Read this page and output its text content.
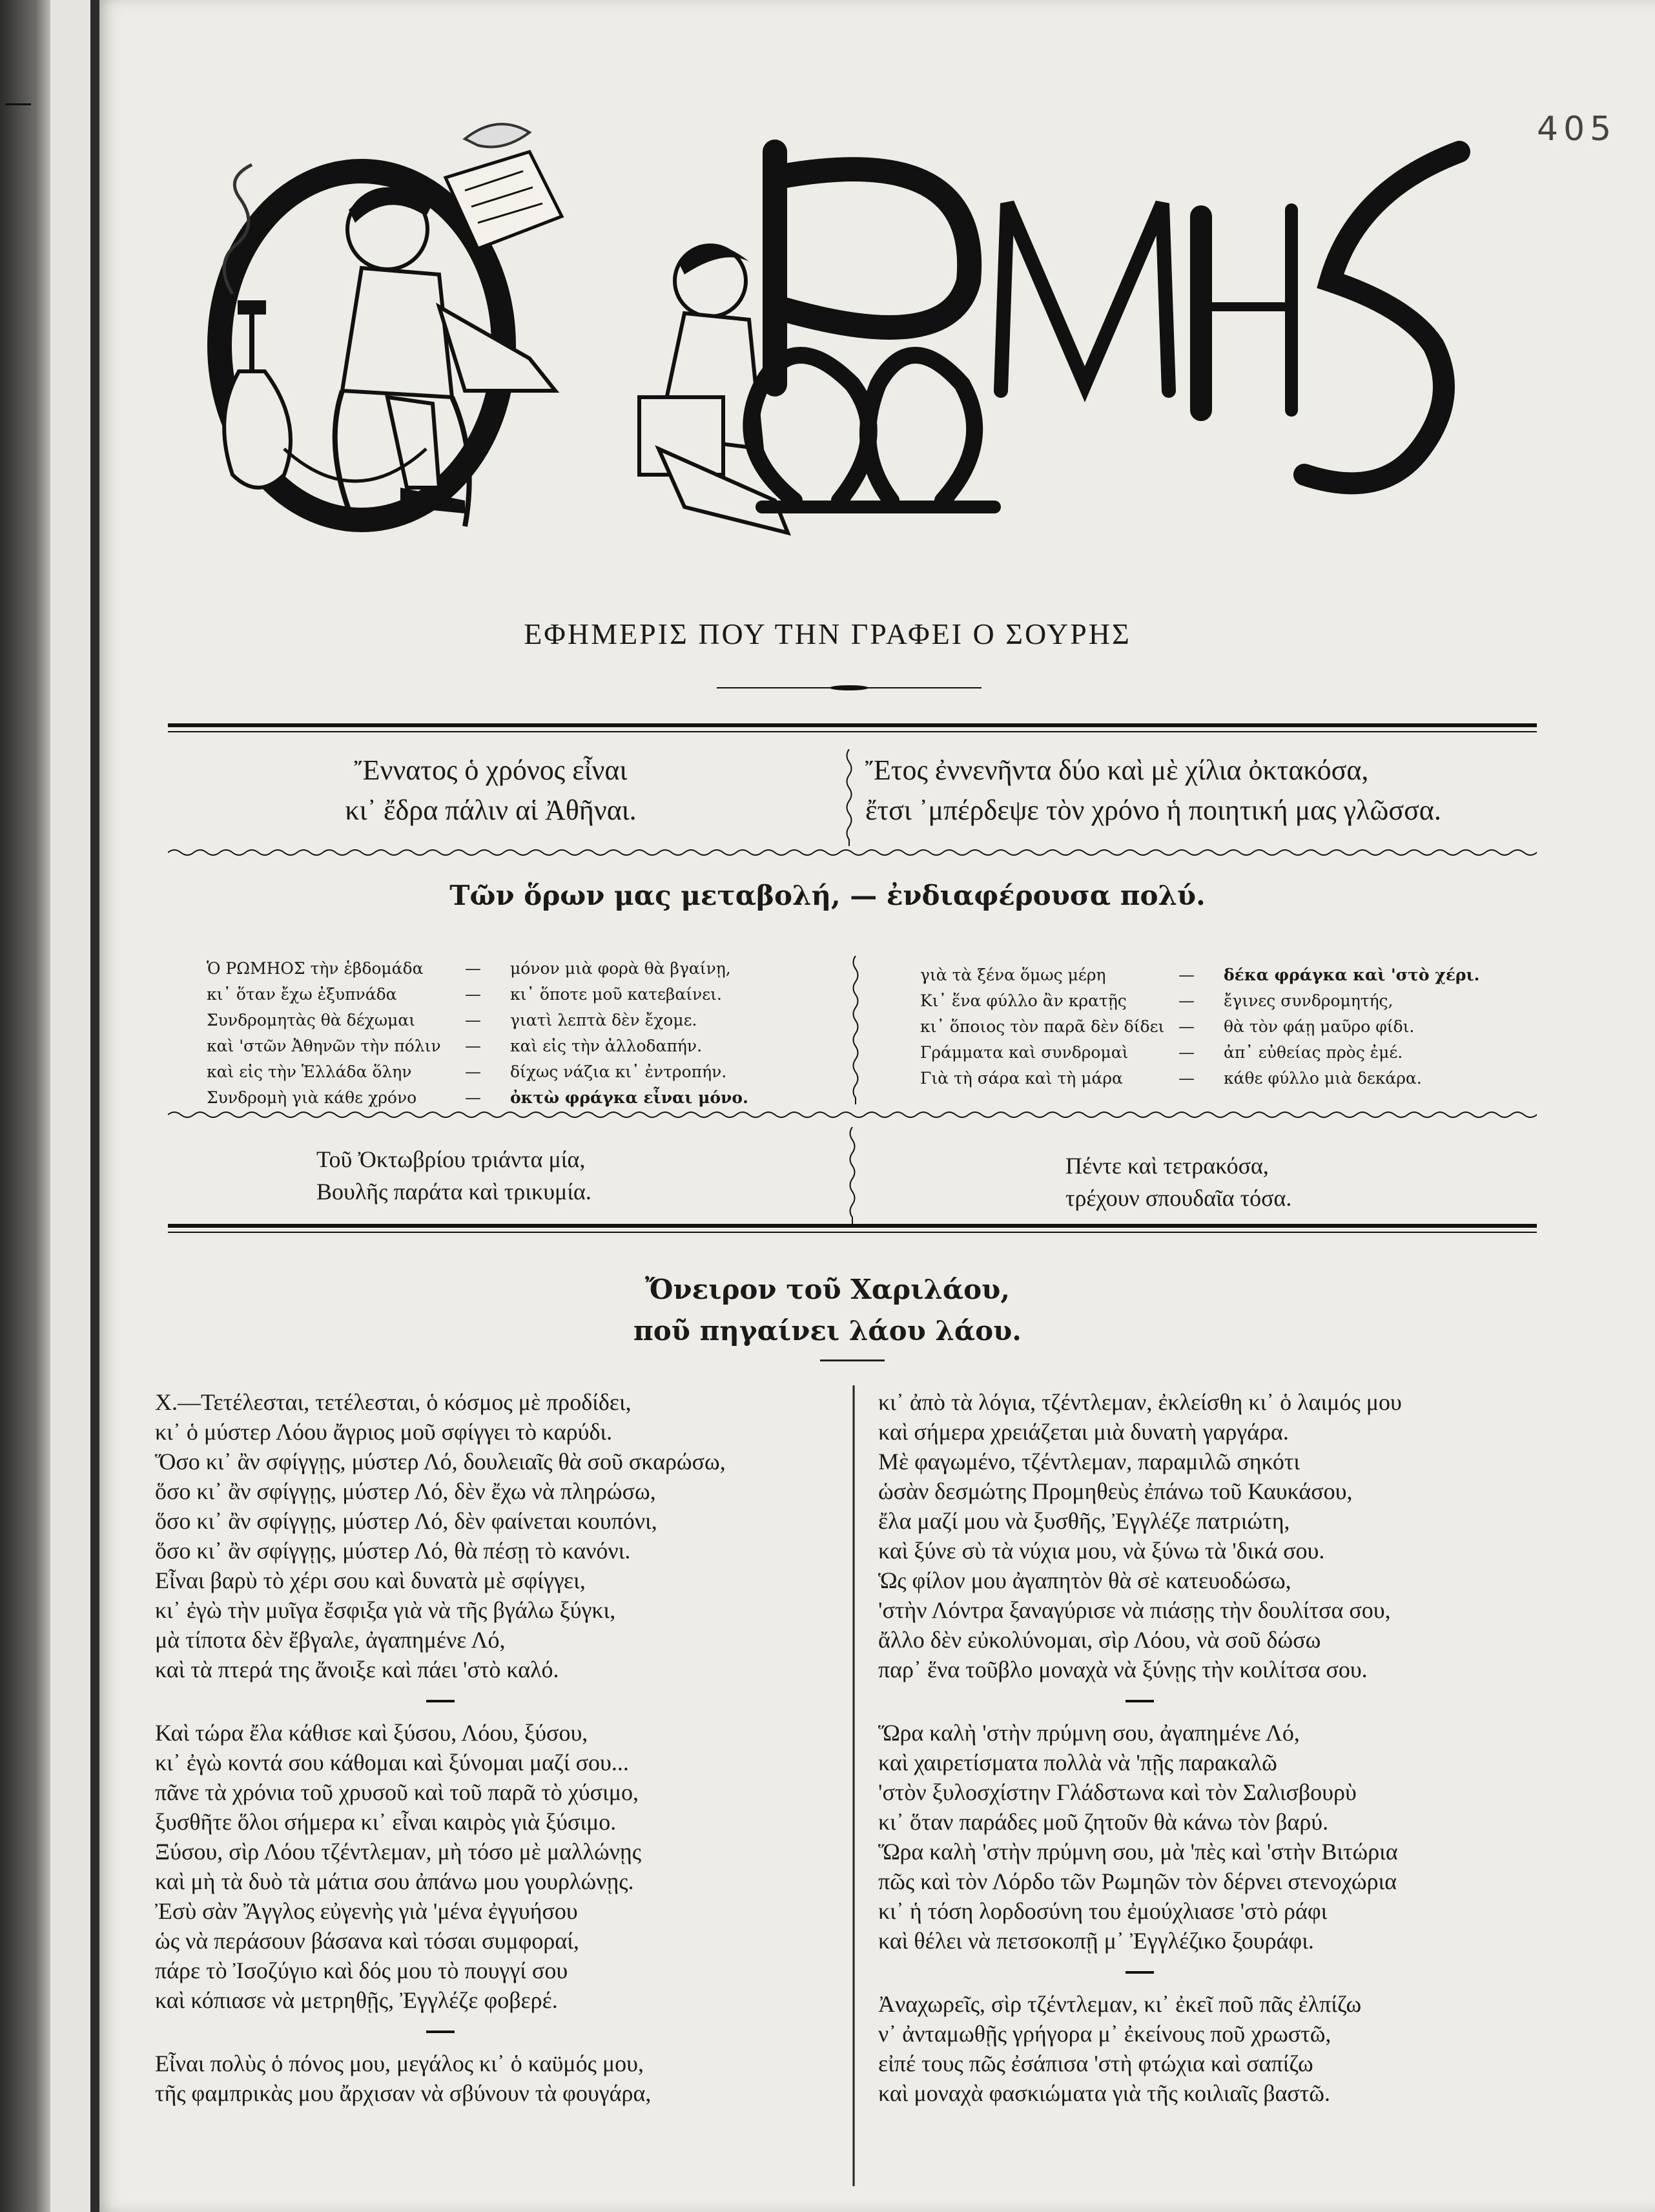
405
ΕΦΗΜΕΡΙΣ ΠΟΥ ΤΗΝ ΓΡΑΦΕΙ Ο ΣΟΥΡΗΣ
Ἔννατος ὁ χρόνος εἶναι
κι᾽ ἔδρα πάλιν αἱ Ἀθῆναι.
Ἔτος ἐννενῆντα δύο καὶ μὲ χίλια ὀκτακόσα,
ἔτσι ᾽μπέρδεψε τὸν χρόνο ἡ ποιητική μας γλῶσσα.
Τῶν ὅρων μας μεταβολή, — ἐνδιαφέρουσα πολύ.
Ὁ ΡΩΜΗΟΣ τὴν ἑβδομάδα	— μόνον μιὰ φορὰ θὰ βγαίνῃ,
κι᾽ ὅταν ἔχω ἐξυπνάδα	— κι᾽ ὅποτε μοῦ κατεβαίνει.
Συνδρομητὰς θὰ δέχωμαι	— γιατὶ λεπτὰ δὲν ἔχομε.
καὶ 'στῶν Ἀθηνῶν τὴν πόλιν — καὶ εἰς τὴν ἀλλοδαπήν.
καὶ εἰς τὴν Ἑλλάδα ὅλην	— δίχως νάζια κι᾽ ἐντροπήν.
Συνδρομὴ γιὰ κάθε χρόνο	— ὀκτὼ φράγκα εἶναι μόνο.
γιὰ τὰ ξένα ὅμως μέρη	— δέκα φράγκα καὶ 'στὸ χέρι.
Κι᾽ ἕνα φύλλο ἂν κρατῇς	— ἔγινες συνδρομητής,
κι᾽ ὅποιος τὸν παρᾶ δὲν δίδει — θὰ τὸν φάῃ μαῦρο φίδι.
Γράμματα καὶ συνδρομαὶ	— ἀπ᾽ εὐθείας πρὸς ἐμέ.
Γιὰ τὴ σάρα καὶ τὴ μάρα	— κάθε φύλλο μιὰ δεκάρα.
Τοῦ Ὀκτωβρίου τριάντα μία,
Βουλῆς παράτα καὶ τρικυμία.
Πέντε καὶ τετρακόσα,
τρέχουν σπουδαῖα τόσα.
Ὄνειρον τοῦ Χαριλάου,
ποῦ πηγαίνει λάου λάου.
Χ.—Τετέλεσται, τετέλεσται, ὁ κόσμος μὲ προδίδει,
κι᾽ ὁ μύστερ Λόου ἄγριος μοῦ σφίγγει τὸ καρύδι.
Ὅσο κι᾽ ἂν σφίγγῃς, μύστερ Λό, δουλειαῖς θὰ σοῦ σκαρώσω,
ὅσο κι᾽ ἂν σφίγγῃς, μύστερ Λό, δὲν ἔχω νὰ πληρώσω,
ὅσο κι᾽ ἂν σφίγγῃς, μύστερ Λό, δὲν φαίνεται κουπόνι,
ὅσο κι᾽ ἂν σφίγγῃς, μύστερ Λό, θὰ πέσῃ τὸ κανόνι.
Εἶναι βαρὺ τὸ χέρι σου καὶ δυνατὰ μὲ σφίγγει,
κι᾽ ἐγὼ τὴν μυῖγα ἔσφιξα γιὰ νὰ τῆς βγάλω ξύγκι,
μὰ τίποτα δὲν ἔβγαλε, ἀγαπημένε Λό,
καὶ τὰ πτερά της ἄνοιξε καὶ πάει 'στὸ καλό.
Καὶ τώρα ἔλα κάθισε καὶ ξύσου, Λόου, ξύσου,
κι᾽ ἐγὼ κοντά σου κάθομαι καὶ ξύνομαι μαζί σου...
πᾶνε τὰ χρόνια τοῦ χρυσοῦ καὶ τοῦ παρᾶ τὸ χύσιμο,
ξυσθῆτε ὅλοι σήμερα κι᾽ εἶναι καιρὸς γιὰ ξύσιμο.
Ξύσου, σὶρ Λόου τζέντλεμαν, μὴ τόσο μὲ μαλλώνῃς
καὶ μὴ τὰ δυὸ τὰ μάτια σου ἀπάνω μου γουρλώνῃς.
Ἐσὺ σὰν Ἄγγλος εὐγενὴς γιὰ 'μένα ἐγγυήσου
ὡς νὰ περάσουν βάσανα καὶ τόσαι συμφοραί,
πάρε τὸ Ἰσοζύγιο καὶ δός μου τὸ πουγγί σου
καὶ κόπιασε νὰ μετρηθῇς, Ἐγγλέζε φοβερέ.
Εἶναι πολὺς ὁ πόνος μου, μεγάλος κι᾽ ὁ καϋμός μου,
τῆς φαμπρικὰς μου ἄρχισαν νὰ σβύνουν τὰ φουγάρα,
κι᾽ ἀπὸ τὰ λόγια, τζέντλεμαν, ἐκλείσθη κι᾽ ὁ λαιμός μου
καὶ σήμερα χρειάζεται μιὰ δυνατὴ γαργάρα.
Μὲ φαγωμένο, τζέντλεμαν, παραμιλῶ σηκότι
ὡσὰν δεσμώτης Προμηθεὺς ἐπάνω τοῦ Καυκάσου,
ἔλα μαζί μου νὰ ξυσθῆς, Ἐγγλέζε πατριώτη,
καὶ ξύνε σὺ τὰ νύχια μου, νὰ ξύνω τὰ 'δικά σου.
Ὡς φίλον μου ἀγαπητὸν θὰ σὲ κατευοδώσω,
'στὴν Λόντρα ξαναγύρισε νὰ πιάσῃς τὴν δουλίτσα σου,
ἄλλο δὲν εὐκολύνομαι, σὶρ Λόου, νὰ σοῦ δώσω
παρ᾽ ἕνα τοῦβλο μοναχὰ νὰ ξύνῃς τὴν κοιλίτσα σου.
Ὥρα καλὴ 'στὴν πρύμνη σου, ἀγαπημένε Λό,
καὶ χαιρετίσματα πολλὰ νὰ 'πῇς παρακαλῶ
'στὸν ξυλοσχίστην Γλάδστωνα καὶ τὸν Σαλισβουρὺ
κι᾽ ὅταν παράδες μοῦ ζητοῦν θὰ κάνω τὸν βαρύ.
Ὥρα καλὴ 'στὴν πρύμνη σου, μὰ 'πὲς καὶ 'στὴν Βιτώρια
πῶς καὶ τὸν Λόρδο τῶν Ρωμηῶν τὸν δέρνει στενοχώρια
κι᾽ ἡ τόση λορδοσύνη του ἐμούχλιασε 'στὸ ράφι
καὶ θέλει νὰ πετσοκοπῇ μ᾽ Ἐγγλέζικο ξουράφι.
Ἀναχωρεῖς, σὶρ τζέντλεμαν, κι᾽ ἐκεῖ ποῦ πᾶς ἐλπίζω
ν᾽ ἀνταμωθῇς γρήγορα μ᾽ ἐκείνους ποῦ χρωστῶ,
εἰπέ τους πῶς ἐσάπισα 'στὴ φτώχια καὶ σαπίζω
καὶ μοναχὰ φασκιώματα γιὰ τῆς κοιλιαῖς βαστῶ.
